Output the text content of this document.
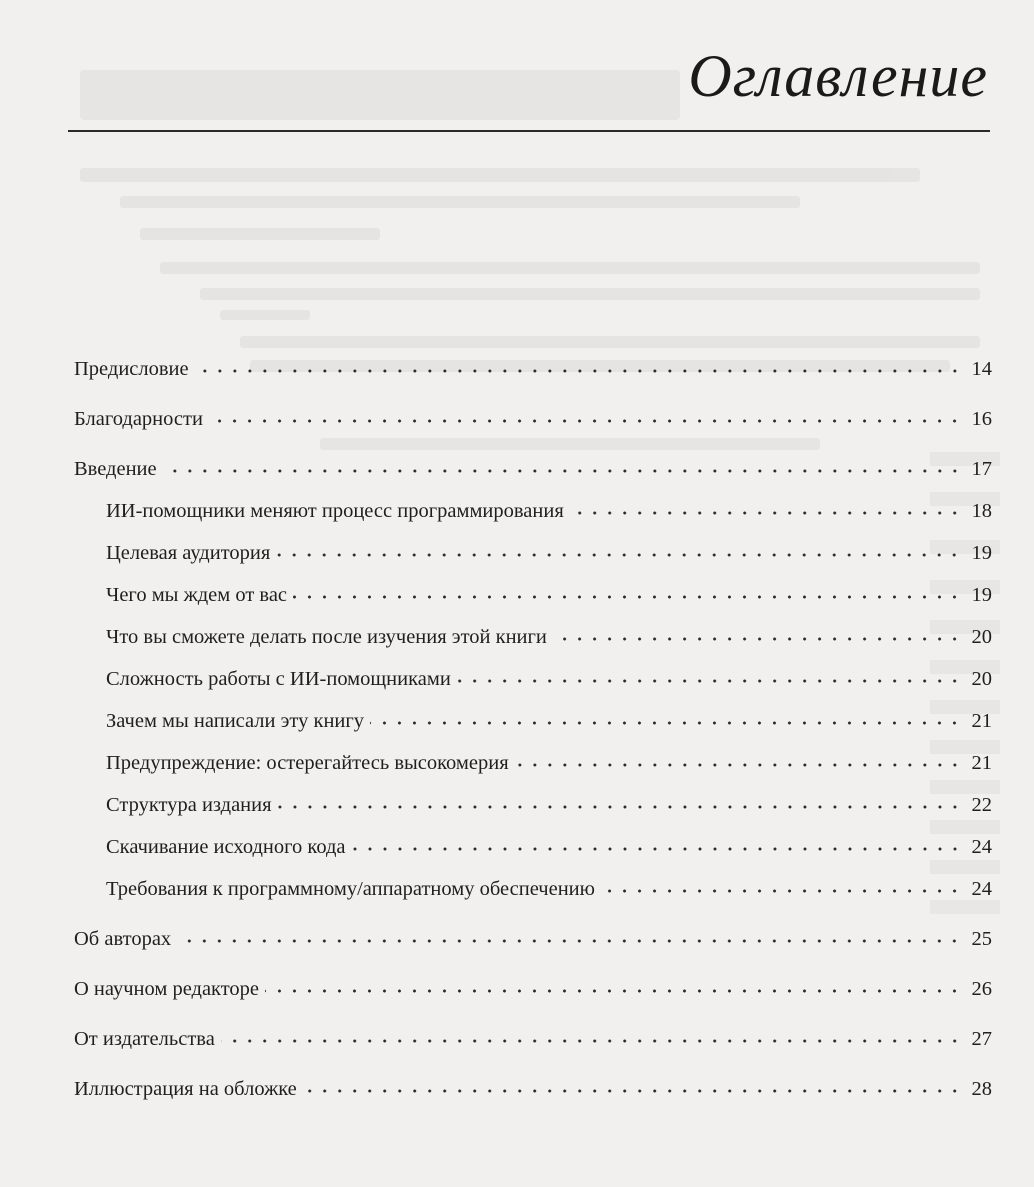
Оглавление
Предисловие	14
Благодарности	16
Введение	17
ИИ-помощники меняют процесс программирования	18
Целевая аудитория	19
Чего мы ждем от вас	19
Что вы сможете делать после изучения этой книги	20
Сложность работы с ИИ-помощниками	20
Зачем мы написали эту книгу	21
Предупреждение: остерегайтесь высокомерия	21
Структура издания	22
Скачивание исходного кода	24
Требования к программному/аппаратному обеспечению	24
Об авторах	25
О научном редакторе	26
От издательства	27
Иллюстрация на обложке	28
